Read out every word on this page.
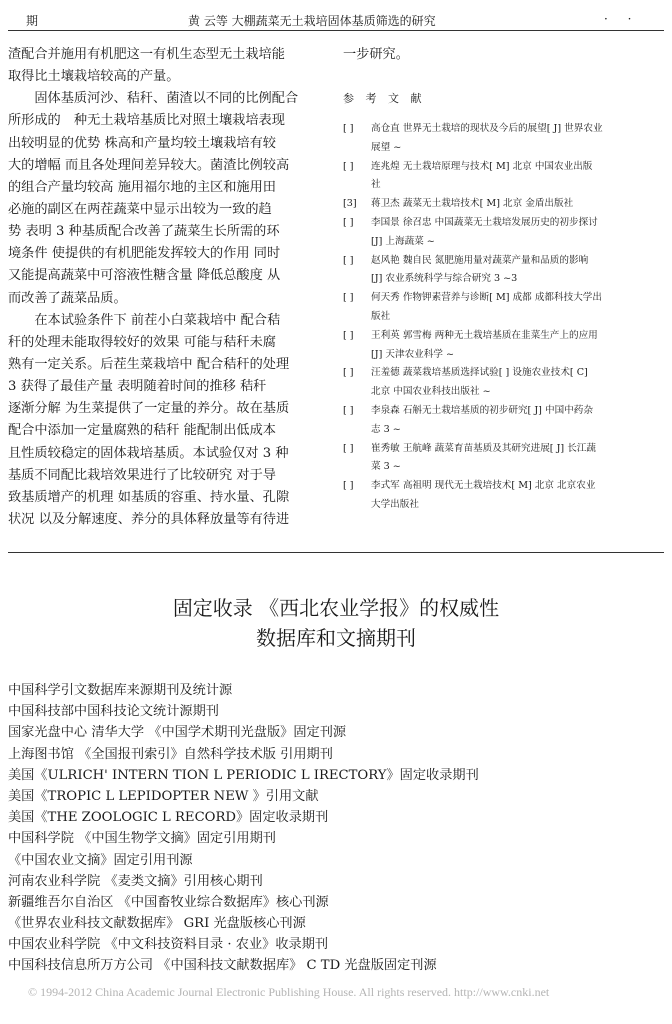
期	黄 云等 大棚蔬菜无土栽培固体基质筛选的研究	· ·
渣配合并施用有机肥这一有机生态型无土栽培能
取得比土壤栽培较高的产量。
　　固体基质河沙、秸秆、菌渣以不同的比例配合
所形成的　种无土栽培基质比对照土壤栽培表现
出较明显的优势 株高和产量均较土壤栽培有较
大的增幅 而且各处理间差异较大。菌渣比例较高
的组合产量均较高 施用福尔地的主区和施用田
必施的副区在两茬蔬菜中显示出较为一致的趋
势 表明 3 种基质配合改善了蔬菜生长所需的环
境条件 使提供的有机肥能发挥较大的作用 同时
又能提高蔬菜中可溶液性糖含量 降低总酸度 从
而改善了蔬菜品质。
　　在本试验条件下 前茬小白菜栽培中 配合秸
秆的处理未能取得较好的效果 可能与秸秆未腐
熟有一定关系。后茬生菜栽培中 配合秸秆的处理
3 获得了最佳产量 表明随着时间的推移 秸秆
逐渐分解 为生菜提供了一定量的养分。故在基质
配合中添加一定量腐熟的秸秆 能配制出低成本
且性质较稳定的固体栽培基质。本试验仅对 3 种
基质不同配比栽培效果进行了比较研究 对于导
致基质增产的机理 如基质的容重、持水量、孔隙
状况 以及分解速度、养分的具体释放量等有待进
一步研究。
参 考 文 献
[ ] 高仓直 世界无土栽培的现状及今后的展望[ J] 世界农业
展望 ~
[ ] 连兆煌 无土栽培原理与技术[ M] 北京 中国农业出版
社
[3] 蒋卫杰 蔬菜无土栽培技术[ M] 北京 金盾出版社
[ ] 李国景 徐召忠 中国蔬菜无土栽培发展历史的初步探讨
[J] 上海蔬菜 ~
[ ] 赵风艳 魏自民 氮肥施用量对蔬菜产量和品质的影响
[J] 农业系统科学与综合研究 3 ~3
[ ] 何天秀 作物钾素营养与诊断[ M] 成都 成都科技大学出
版社
[ ] 王利英 郭雪梅 两种无土栽培基质在韭菜生产上的应用
[J] 天津农业科学 ~
[ ] 汪羞德 蔬菜栽培基质选择试验[ ] 设施农业技术[ C]
北京 中国农业科技出版社 ~
[ ] 李泉森 石斛无土栽培基质的初步研究[ J] 中国中药杂
志 3 ~
[ ] 崔秀敏 王航峰 蔬菜育苗基质及其研究进展[ J] 长江蔬
菜 3 ~
[ ] 李式军 高祖明 现代无土栽培技术[ M] 北京 北京农业
大学出版社
固定收录 《西北农业学报》的权威性
数据库和文摘期刊
中国科学引文数据库来源期刊及统计源
中国科技部中国科技论文统计源期刊
国家光盘中心 清华大学 《中国学术期刊光盘版》固定刊源
上海图书馆 《全国报刊索引》自然科学技术版 引用期刊
美国《ULRICH' INTERN TION L PERIODIC L IRECTORY》固定收录期刊
美国《TROPIC L LEPIDOPTER NEW 》引用文献
美国《THE ZOOLOGIC L RECORD》固定收录期刊
中国科学院 《中国生物学文摘》固定引用期刊
《中国农业文摘》固定引用刊源
河南农业科学院 《麦类文摘》引用核心期刊
新疆维吾尔自治区 《中国畜牧业综合数据库》核心刊源
《世界农业科技文献数据库》 GRI 光盘版核心刊源
中国农业科学院 《中文科技资料目录 · 农业》收录期刊
中国科技信息所万方公司 《中国科技文献数据库》 C TD 光盘版固定刊源
© 1994-2012 China Academic Journal Electronic Publishing House. All rights reserved. http://www.cnki.net
